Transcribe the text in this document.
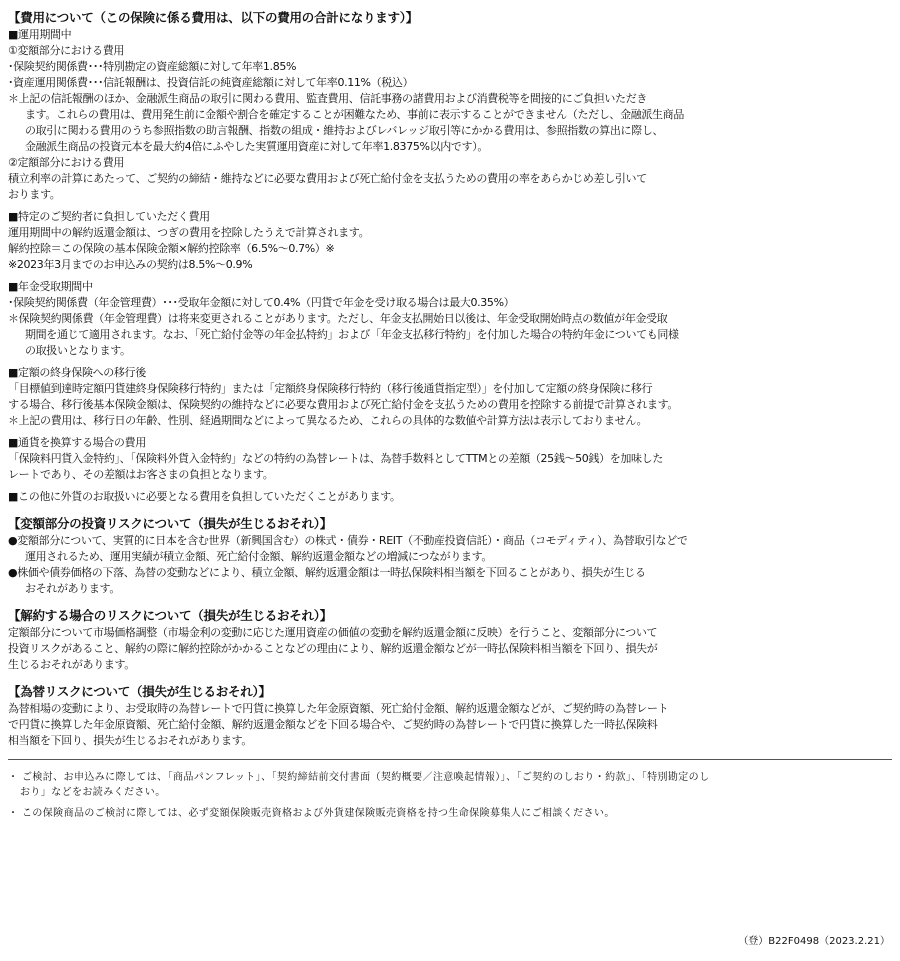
【費用について（この保険に係る費用は、以下の費用の合計になります）】
■運用期間中
①変額部分における費用
･保険契約関係費･･･特別勘定の資産総額に対して年率1.85%
･資産運用関係費･･･信託報酬は、投資信託の純資産総額に対して年率0.11%（税込）
＊上記の信託報酬のほか、金融派生商品の取引に関わる費用、監査費用、信託事務の諸費用および消費税等を間接的にご負担いただき
ます。これらの費用は、費用発生前に金額や割合を確定することが困難なため、事前に表示することができません（ただし、金融派生商品
の取引に関わる費用のうち参照指数の助言報酬、指数の組成・維持およびレバレッジ取引等にかかる費用は、参照指数の算出に際し、
金融派生商品の投資元本を最大約4倍にふやした実質運用資産に対して年率1.8375%以内です）。
②定額部分における費用
積立利率の計算にあたって、ご契約の締結・維持などに必要な費用および死亡給付金を支払うための費用の率をあらかじめ差し引いて
おります。
■特定のご契約者に負担していただく費用
運用期間中の解約返還金額は、つぎの費用を控除したうえで計算されます。
解約控除＝この保険の基本保険金額×解約控除率（6.5%～0.7%）※
※2023年3月までのお申込みの契約は8.5%～0.9%
■年金受取期間中
･保険契約関係費（年金管理費）･･･受取年金額に対して0.4%（円貨で年金を受け取る場合は最大0.35%）
＊保険契約関係費（年金管理費）は将来変更されることがあります。ただし、年金支払開始日以後は、年金受取開始時点の数値が年金受取
期間を通じて適用されます。なお、「死亡給付金等の年金払特約」および「年金支払移行特約」を付加した場合の特約年金についても同様
の取扱いとなります。
■定額の終身保険への移行後
「目標値到達時定額円貨建終身保険移行特約」または「定額終身保険移行特約（移行後通貨指定型）」を付加して定額の終身保険に移行
する場合、移行後基本保険金額は、保険契約の維持などに必要な費用および死亡給付金を支払うための費用を控除する前提で計算されます。
＊上記の費用は、移行日の年齢、性別、経過期間などによって異なるため、これらの具体的な数値や計算方法は表示しておりません。
■通貨を換算する場合の費用
「保険料円貨入金特約」、「保険料外貨入金特約」などの特約の為替レートは、為替手数料としてTTMとの差額（25銭～50銭）を加味した
レートであり、その差額はお客さまの負担となります。
■この他に外貨のお取扱いに必要となる費用を負担していただくことがあります。
【変額部分の投資リスクについて（損失が生じるおそれ）】
●変額部分について、実質的に日本を含む世界（新興国含む）の株式・債券・REIT（不動産投資信託）・商品（コモディティ）、為替取引などで
運用されるため、運用実績が積立金額、死亡給付金額、解約返還金額などの増減につながります。
●株価や債券価格の下落、為替の変動などにより、積立金額、解約返還金額は一時払保険料相当額を下回ることがあり、損失が生じる
おそれがあります。
【解約する場合のリスクについて（損失が生じるおそれ）】
定額部分について市場価格調整（市場金利の変動に応じた運用資産の価値の変動を解約返還金額に反映）を行うこと、変額部分について
投資リスクがあること、解約の際に解約控除がかかることなどの理由により、解約返還金額などが一時払保険料相当額を下回り、損失が
生じるおそれがあります。
【為替リスクについて（損失が生じるおそれ）】
為替相場の変動により、お受取時の為替レートで円貨に換算した年金原資額、死亡給付金額、解約返還金額などが、ご契約時の為替レート
で円貨に換算した年金原資額、死亡給付金額、解約返還金額などを下回る場合や、ご契約時の為替レートで円貨に換算した一時払保険料
相当額を下回り、損失が生じるおそれがあります。
・ ご検討、お申込みに際しては、「商品パンフレット」、「契約締結前交付書面（契約概要／注意喚起情報）」、「ご契約のしおり・約款」、「特別勘定のし
おり」などをお読みください。
・ この保険商品のご検討に際しては、必ず変額保険販売資格および外貨建保険販売資格を持つ生命保険募集人にご相談ください。
（登）B22F0498（2023.2.21）
